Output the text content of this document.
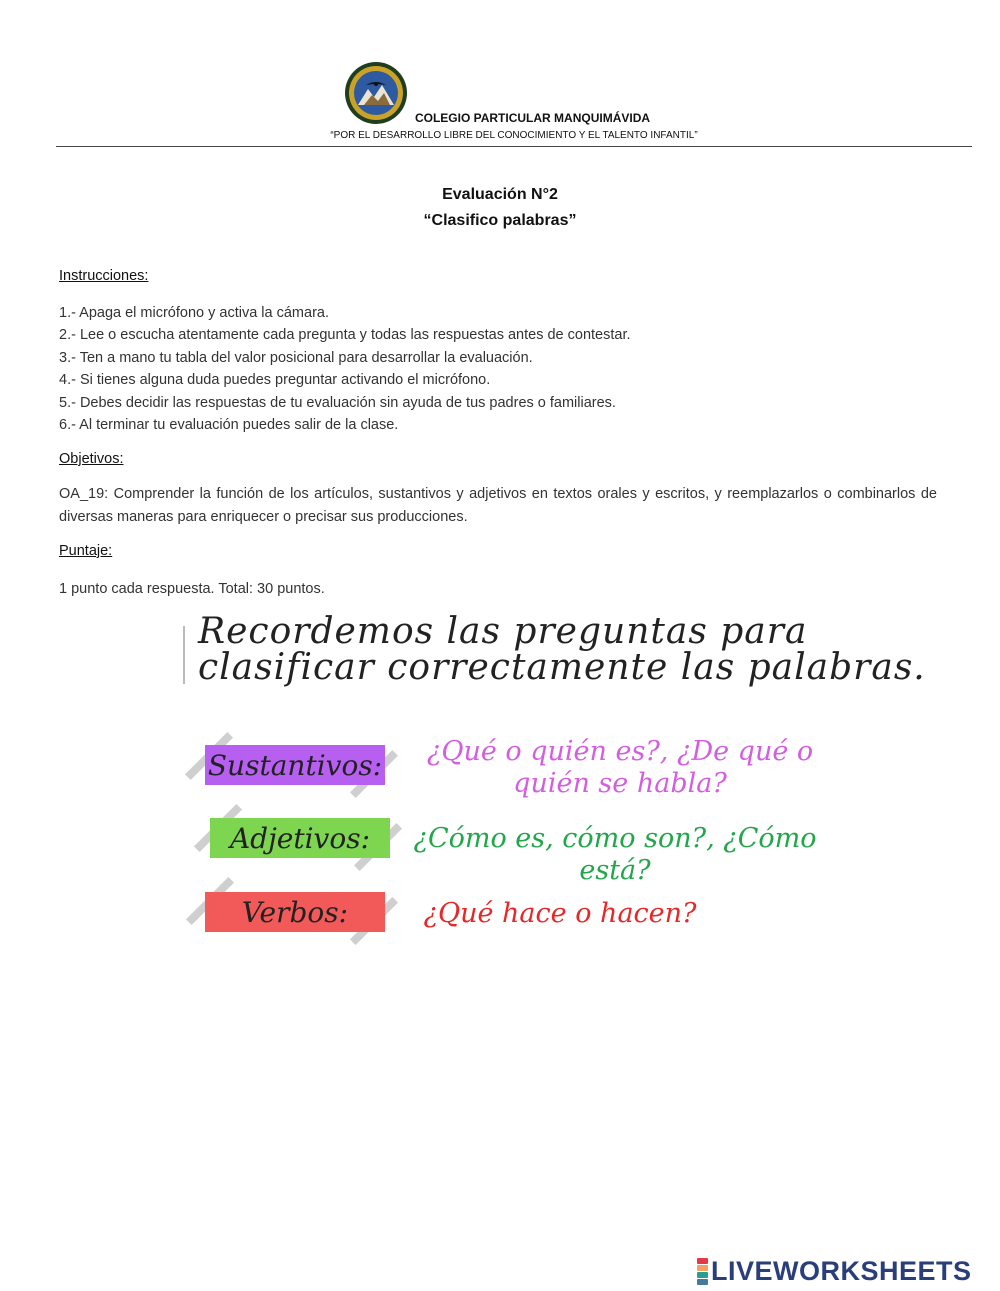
COLEGIO PARTICULAR MANQUIMÁVIDA
“POR EL DESARROLLO LIBRE DEL CONOCIMIENTO Y EL TALENTO INFANTIL”
Evaluación N°2
“Clasifico palabras”
Instrucciones:
1.- Apaga el micrófono y activa la cámara.
2.- Lee o escucha atentamente cada pregunta y todas las respuestas antes de contestar.
3.- Ten a mano tu tabla del valor posicional para desarrollar la evaluación.
4.- Si tienes alguna duda puedes preguntar activando el micrófono.
5.- Debes decidir las respuestas de tu evaluación sin ayuda de tus padres o familiares.
6.- Al terminar tu evaluación puedes salir de la clase.
Objetivos:
OA_19: Comprender la función de los artículos, sustantivos y adjetivos en textos orales y escritos, y reemplazarlos o combinarlos de diversas maneras para enriquecer o precisar sus producciones.
Puntaje:
1 punto cada respuesta. Total: 30 puntos.
Recordemos las preguntas para
clasificar correctamente las palabras.
Sustantivos: ¿Qué o quién es?, ¿De qué o
quién se habla?
Adjetivos:	¿Cómo es, cómo son?, ¿Cómo
está?
Verbos:	¿Qué hace o hacen?
LIVEWORKSHEETS
